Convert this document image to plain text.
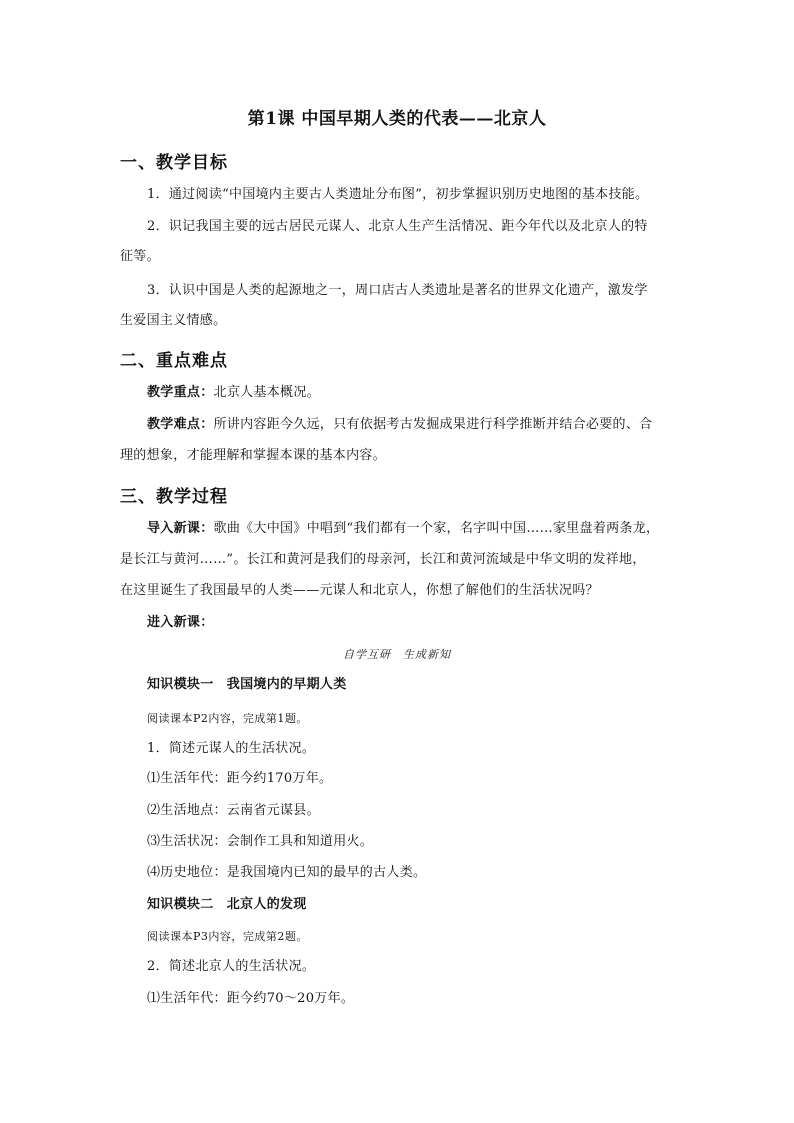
第1课 中国早期人类的代表——北京人
一、教学目标
1．通过阅读“中国境内主要古人类遗址分布图”，初步掌握识别历史地图的基本技能。
2．识记我国主要的远古居民元谋人、北京人生产生活情况、距今年代以及北京人的特
征等。
3．认识中国是人类的起源地之一，周口店古人类遗址是著名的世界文化遗产，激发学
生爱国主义情感。
二、重点难点
教学重点：北京人基本概况。
教学难点：所讲内容距今久远，只有依据考古发掘成果进行科学推断并结合必要的、合
理的想象，才能理解和掌握本课的基本内容。
三、教学过程
导入新课：歌曲《大中国》中唱到“我们都有一个家，名字叫中国……家里盘着两条龙，
是长江与黄河……”。长江和黄河是我们的母亲河，长江和黄河流域是中华文明的发祥地，
在这里诞生了我国最早的人类——元谋人和北京人，你想了解他们的生活状况吗？
进入新课：
自学互研　生成新知
知识模块一　我国境内的早期人类
阅读课本P2内容，完成第1题。
1．简述元谋人的生活状况。
⑴生活年代：距今约170万年。
⑵生活地点：云南省元谋县。
⑶生活状况：会制作工具和知道用火。
⑷历史地位：是我国境内已知的最早的古人类。
知识模块二　北京人的发现
阅读课本P3内容，完成第2题。
2．简述北京人的生活状况。
⑴生活年代：距今约70～20万年。
